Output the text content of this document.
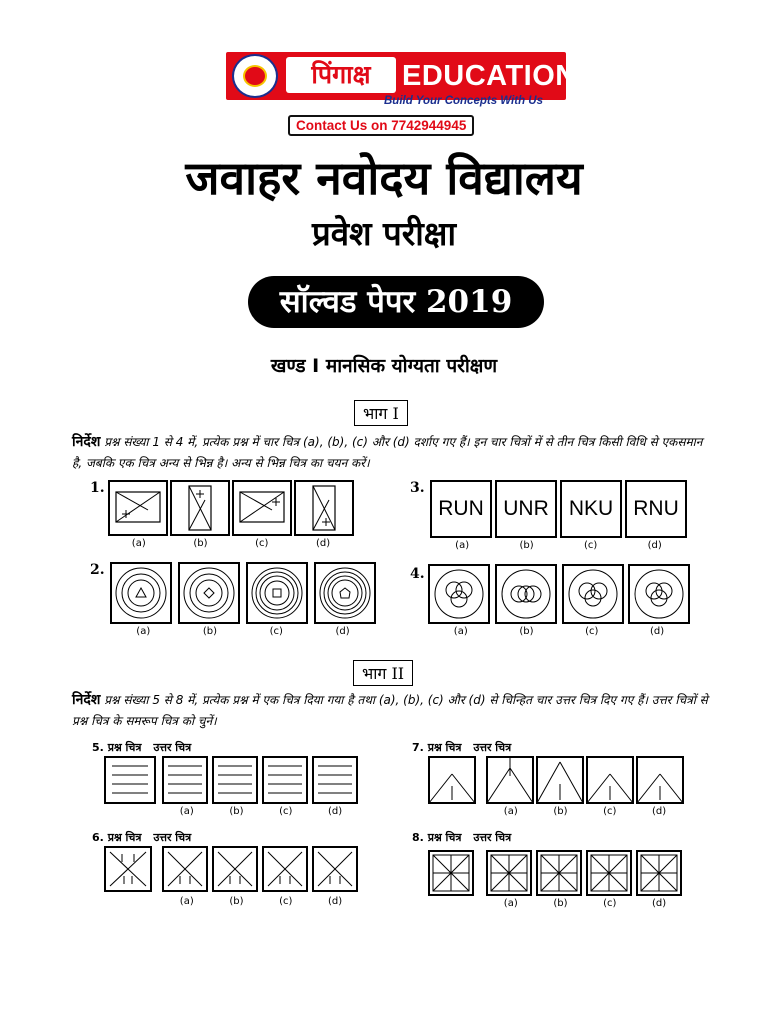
पिंगाक्ष	EDUCATION
Build Your Concepts With Us
Contact Us on 7742944945
जवाहर नवोदय विद्यालय
प्रवेश परीक्षा
सॉल्वड पेपर 2019
खण्ड I मानसिक योग्यता परीक्षण
भाग I
निर्देश प्रश्न संख्या 1 से 4 में, प्रत्येक प्रश्न में चार चित्र (a), (b), (c) और (d) दर्शाए गए हैं। इन चार चित्रों में से तीन चित्र किसी विधि से एकसमान है, जबकि एक चित्र अन्य से भिन्न है। अन्य से भिन्न चित्र का चयन करें।
1.
(a)	(b)	(c)	(d)
3.
RUN UNR NKU RNU
(a)	(b)	(c)	(d)
2.
(a)	(b)	(c)	(d)
4.
(a)	(b)	(c)	(d)
भाग II
निर्देश प्रश्न संख्या 5 से 8 में, प्रत्येक प्रश्न में एक चित्र दिया गया है तथा (a), (b), (c) और (d) से चिन्हित चार उत्तर चित्र दिए गए हैं। उत्तर चित्रों से प्रश्न चित्र के समरूप चित्र को चुनें।
5. प्रश्न चित्र उत्तर चित्र
(a)	(b)	(c)	(d)
7. प्रश्न चित्र उत्तर चित्र
(a)	(b)	(c)	(d)
6. प्रश्न चित्र उत्तर चित्र
(a)	(b)	(c)	(d)
8. प्रश्न चित्र उत्तर चित्र
(a)	(b)	(c)	(d)
